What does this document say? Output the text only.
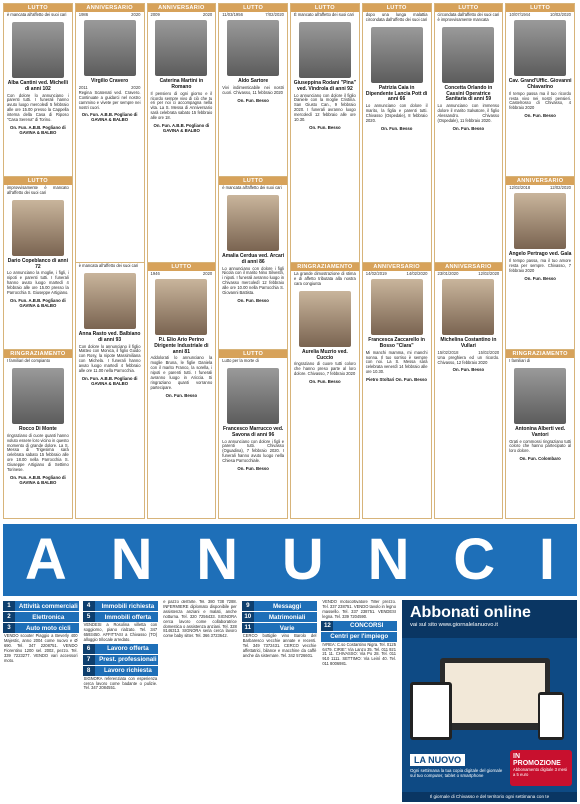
LUTTO
è mancata all'affetto dei suoi cari
Alba Cantini ved. Michelli di anni 102
Con dolore lo annunciano i parenti tutti. I funerali hanno avuto luogo mercoledì 5 febbraio alle ore 15.00 presso la Cappella interna della Casa di Riposo "Casa Serena" di Torino.
On. Fun. A.B.B. Pogliano di GAVINA & BALBO
LUTTO
improvvisamente è mancato all'affetto dei suoi cari
Dario Copeblanco di anni 72
Lo annunciano la moglie, i figli, i nipoti e parenti tutti. I funerali hanno avuto luogo martedì 4 febbraio alle ore 15.00 presso la Parrocchia S. Giuseppe Artigiano.
On. Fun. A.B.B. Pogliano di GAVINA & BALBO
RINGRAZIAMENTO
I familiari del compianto
Rocco Di Monte
ringraziano di cuore quanti hanno voluto essere loro vicino in questo momento di grande dolore. La S. Messa di Trigesima sarà celebrata sabato 15 febbraio alle ore 18.00 nella Parrocchia S. Giuseppe Artigiano di Settimo Torinese.
On. Fun. A.B.B. Pogliano di GAVINA & BALBO
ANNIVERSARIO
1986	2020
Virgilio Cravero
2011	2020
Regina Scatenati ved. Cravero. Continuate a guidarci nel nostro cammino e vivete per sempre nei nostri cuori.
On. Fun. A.B.B. Pogliano di GAVINA & BALBO
è mancata all'affetto dei suoi cari
Anna Rasto ved. Balbiano di anni 93
Con dolore lo annunciano il figlio Matteo con Monica, il figlio Guido con Rosy, la nipote Massimiliana con Michela. I funerali hanno avuto luogo martedì 4 febbraio alle ore 11.00 nella Parrocchia.
On. Fun. A.B.B. Pogliano di GAVINA & BALBO
ANNIVERSARIO
2009	2020
Caterina Martini in Romano
Il pensiero di ogni giorno e il ricordo sempre vivo di ciò che tu eri per noi ci accompagna nella vita. La S. Messa di Anniversario sarà celebrata sabato 15 febbraio alle ore 18.
On. Fun. A.B.B. Pogliano di GAVINA & BALBO
LUTTO
1946	2020
P.i. Elio Ario Perino Dirigente Industriale di anni 81
Addolorati lo annunciano la moglie Bruna, le figlie Daniela con il marito Franco, la sorella, i nipoti e parenti tutti. I funerali avranno luogo in Ariccia. Si ringraziano quanti vorranno partecipare.
On. Fun. Besso
LUTTO
11/03/1956	7/02/2020
Aldo Sartore
Vivi indimenticabile nei nostri cuori. Chivasso, 11 febbraio 2020
On. Fun. Besso
LUTTO
è mancata all'affetto dei suoi cari
Amalia Cerdua ved. Arcari di anni 86
Lo annunciano con dolore i figli Nicola con il marito Nino Silvestri, i nipoti. I funerali avranno luogo in Chivasso mercoledì 12 febbraio alle ore 10.00 nella Parrocchia S. Giovanni Battista.
On. Fun. Besso
LUTTO
Lutto per la morte di
Francesco Marrucco ved. Savona di anni 96
Lo annunciano con dolore i figli e parenti tutti. Chivasso (Oguadina), 7 febbraio 2020. I funerali hanno avuto luogo nella Chiesa Parrocchiale.
On. Fun. Besso
LUTTO
È mancato all'affetto dei suoi cari
Giuseppina Rodani "Pina" ved. Vindrola di anni 92
Lo annunciano con dolore il figlio Daniele con la moglie Cristina. San Giusto Can., 9 febbraio 2020. I funerali avranno luogo mercoledì 12 febbraio alle ore 10.30.
On. Fun. Besso
RINGRAZIAMENTO
La grande dimostrazione di stima e di affetto tributata alla nostra cara congiunta
Aurelia Muzrio ved. Cuccio
ringraziano di cuore tutti coloro che hanno preso parte al loro dolore. Chivasso, 7 febbraio 2020
On. Fun. Besso
LUTTO
dopo una lunga malattia circondata dall'affetto dei suoi cari
Patrizia Caia in Dipendente Lancia Pott di anni 66
Lo annunciano con dolore il marito, la figlia e parenti tutti. Chivasso (Ospedale), 8 febbraio 2020.
On. Fun. Besso
ANNIVERSARIO
14/02/2019	14/02/2020
Francesca Zaccarello in Bosso "Clara"
Mi manchi mamma, mi manchi nonna. Il tuo sorriso è sempre con noi. La S. Messa sarà celebrata venerdì 14 febbraio alle ore 10.30.
Pietro Stoltari On. Fun. Besso
LUTTO
circondata dall'affetto dei suoi cari è improvvisamente mancata
Concetta Orlando in Cassini Operatrice Sanitaria di anni 59
Lo annunciano con immenso dolore il marito Salvatore, il figlio Alessandro. Chivasso (Ospedale), 11 febbraio 2020.
On. Fun. Besso
ANNIVERSARIO
23/01/2020	12/02/2020
Michelina Costantino in Vullari
15/02/2018	15/02/2020
Una preghiera ed un ricordo. Chivasso, 12 febbraio 2020
On. Fun. Besso
LUTTO
10/07/1944	10/02/2020
Cav. Grand'Uffic. Giovanni Chiavarino
Il tempo passa ma il tuo ricordo resta vivo nei nostri pensieri. Castelrosso di Chivasso, 4 febbraio 2020
On. Fun. Besso
ANNIVERSARIO
12/02/2018	12/02/2020
Angelo Pertrago ved. Gala
Il tempo passa, ma il tuo amore resta per sempre. Chivasso, 7 febbraio 2020
On. Fun. Besso
RINGRAZIAMENTO
I familiari di
Antonina Alberti ved. Vantori
Grati e commossi ringraziano tutti coloro che hanno partecipato al loro dolore.
On. Fun. Colombaro
A N N U N C I
1	Attività commerciali
2	Elettronica
3	Auto moto cicli
VENDO scooter Piaggio a Beverly 400 Majestic, anno 2004 come nuovo e Ø 690. Tel. 347 2208751. VENDO Fiorentino 1200 sel. 2002, pezzo. Tel. 339 7223277. VENDO vari accessori moto.
4	Immobili richiesta
5	Immobili offerta
VENDESI a Rosolina villetta con soggiorno, piano rialzato. Tel. 347 6593450. AFFITTASI a Chivasso (TO) alloggio trilocale arredato.
6	Lavoro offerta
7	Prest. professionali
8	Lavoro richiesta
SIGNORA referenziata con esperienza cerca lavoro come badante o pulizie. Tel. 347 2084551.
e pazzo dell'arte. Tel. 380 738 7288. INFERMIERE diplomato disponibile per assistenza anziani e malati, anche notturna. Tel. 320 7256433. SIGNORA cerca lavoro come collaboratrice domestica o assistenza anziani. Tel. 328 8146313. SIGNORA seria cerca lavoro come baby sitter. Tel. 366 3723642.
9	Messaggi
10	Matrimoniali
11	Varie
CERCO bottiglie vino Barolo del Barbaresco vecchie annate e recenti. Tel. 349 7372431. CERCO vecchie affettatrici, bilance e macchine da caffè anche da sistemare. Tel. 342 5726601.
VENDO motocoltivatore Tiller prezzo. Tel. 337 238751. VENDO tavolo in legno massello. Tel. 337 238751. VENDESI legna. Tel. 339 7204590.
12	CONCORSI
Centri per l'impiego
IVREA: C.so Costantino Nigra. Tel. 0125 6479. CIRIE': Via Lanzo 35. Tel. 011 921 21 11. CHIVASSO: Via Po 28. Tel. 011 910 1111. SETTIMO: Via Leinì 40. Tel. 011 8006981.
Abbonati online
vai sul sito www.giornalelanuovo.it
LA NUOVO
Ogni settimana la tua copia digitale del giornale sul tuo computer, tablet o smartphone
IN PROMOZIONE
Abbonamento digitale 3 mesi a 5 euro
Il giornale di Chivasso e del territorio ogni settimana con te
